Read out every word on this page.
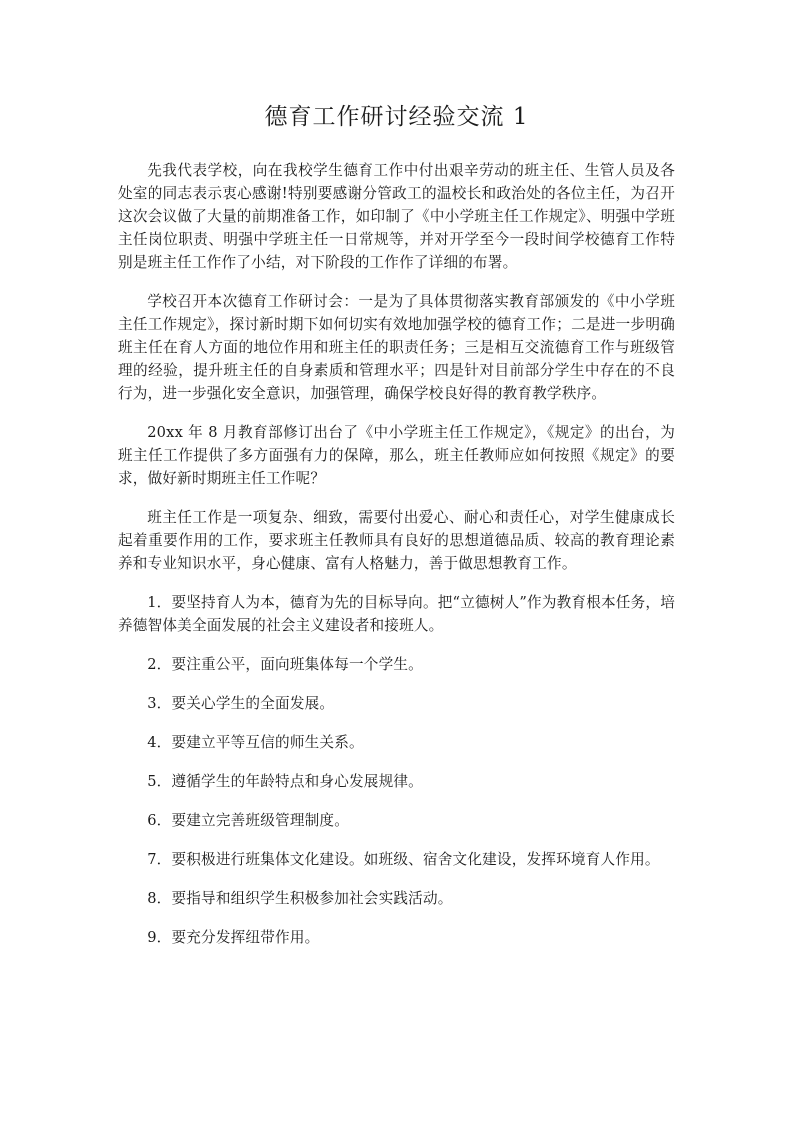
德育工作研讨经验交流 1

先我代表学校，向在我校学生德育工作中付出艰辛劳动的班主任、生管人员及各处室的同志表示衷心感谢!特别要感谢分管政工的温校长和政治处的各位主任，为召开这次会议做了大量的前期准备工作，如印制了《中小学班主任工作规定》、明强中学班主任岗位职责、明强中学班主任一日常规等，并对开学至今一段时间学校德育工作特别是班主任工作作了小结，对下阶段的工作作了详细的布署。

学校召开本次德育工作研讨会：一是为了具体贯彻落实教育部颁发的《中小学班主任工作规定》，探讨新时期下如何切实有效地加强学校的德育工作；二是进一步明确班主任在育人方面的地位作用和班主任的职责任务；三是相互交流德育工作与班级管理的经验，提升班主任的自身素质和管理水平；四是针对目前部分学生中存在的不良行为，进一步强化安全意识，加强管理，确保学校良好得的教育教学秩序。

20xx 年 8 月教育部修订出台了《中小学班主任工作规定》，《规定》的出台，为班主任工作提供了多方面强有力的保障，那么，班主任教师应如何按照《规定》的要求，做好新时期班主任工作呢？

班主任工作是一项复杂、细致，需要付出爱心、耐心和责任心，对学生健康成长起着重要作用的工作，要求班主任教师具有良好的思想道德品质、较高的教育理论素养和专业知识水平，身心健康、富有人格魅力，善于做思想教育工作。

1．要坚持育人为本，德育为先的目标导向。把“立德树人”作为教育根本任务，培养德智体美全面发展的社会主义建设者和接班人。

2．要注重公平，面向班集体每一个学生。

3．要关心学生的全面发展。

4．要建立平等互信的师生关系。

5．遵循学生的年龄特点和身心发展规律。

6．要建立完善班级管理制度。

7．要积极进行班集体文化建设。如班级、宿舍文化建设，发挥环境育人作用。

8．要指导和组织学生积极参加社会实践活动。

9．要充分发挥纽带作用。
